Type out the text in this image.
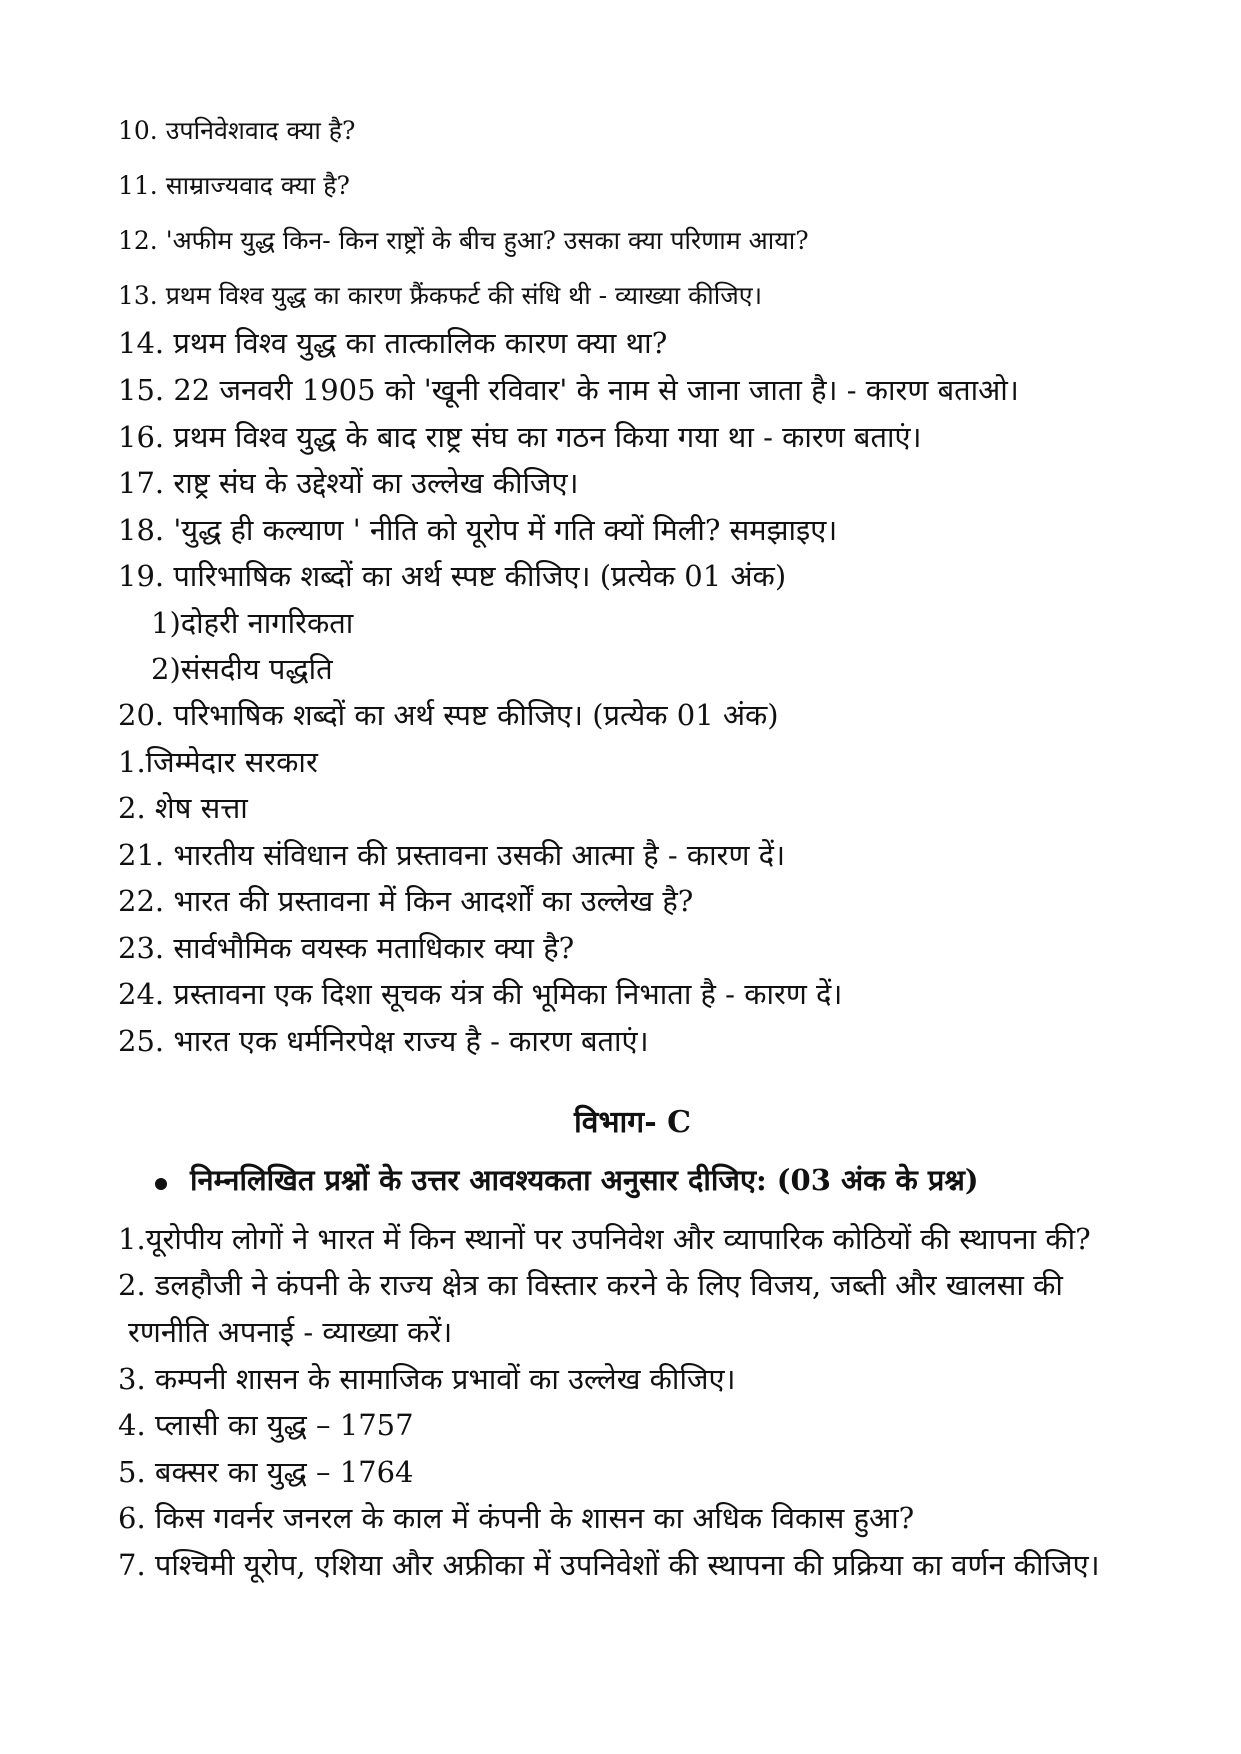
10. उपनिवेशवाद क्या है?
11. साम्राज्यवाद क्या है?
12. 'अफीम युद्ध किन- किन राष्ट्रों के बीच हुआ? उसका क्या परिणाम आया?
13. प्रथम विश्व युद्ध का कारण फ्रैंकफर्ट की संधि थी - व्याख्या कीजिए।
14. प्रथम विश्व युद्ध का तात्कालिक कारण क्या था?
15. 22 जनवरी 1905 को 'खूनी रविवार' के नाम से जाना जाता है। - कारण बताओ।
16. प्रथम विश्व युद्ध के बाद राष्ट्र संघ का गठन किया गया था - कारण बताएं।
17. राष्ट्र संघ के उद्देश्यों का उल्लेख कीजिए।
18. 'युद्ध ही कल्याण ' नीति को यूरोप में गति क्यों मिली? समझाइए।
19. पारिभाषिक शब्दों का अर्थ स्पष्ट कीजिए। (प्रत्येक 01 अंक)
1)दोहरी नागरिकता
2)संसदीय पद्धति
20. परिभाषिक शब्दों का अर्थ स्पष्ट कीजिए। (प्रत्येक 01 अंक)
1.जिम्मेदार सरकार
2. शेष सत्ता
21. भारतीय संविधान की प्रस्तावना उसकी आत्मा है - कारण दें।
22. भारत की प्रस्तावना में किन आदर्शों का उल्लेख है?
23. सार्वभौमिक वयस्क मताधिकार क्या है?
24. प्रस्तावना एक दिशा सूचक यंत्र की भूमिका निभाता है - कारण दें।
25. भारत एक धर्मनिरपेक्ष राज्य है - कारण बताएं।
विभाग- C
निम्नलिखित प्रश्नों के उत्तर आवश्यकता अनुसार दीजिए: (03 अंक के प्रश्न)
1.यूरोपीय लोगों ने भारत में किन स्थानों पर उपनिवेश और व्यापारिक कोठियों की स्थापना की?
2. डलहौजी ने कंपनी के राज्य क्षेत्र का विस्तार करने के लिए विजय, जब्ती और खालसा की
रणनीति अपनाई - व्याख्या करें।
3. कम्पनी शासन के सामाजिक प्रभावों का उल्लेख कीजिए।
4. प्लासी का युद्ध – 1757
5. बक्सर का युद्ध – 1764
6. किस गवर्नर जनरल के काल में कंपनी के शासन का अधिक विकास हुआ?
7. पश्चिमी यूरोप, एशिया और अफ्रीका में उपनिवेशों की स्थापना की प्रक्रिया का वर्णन कीजिए।
